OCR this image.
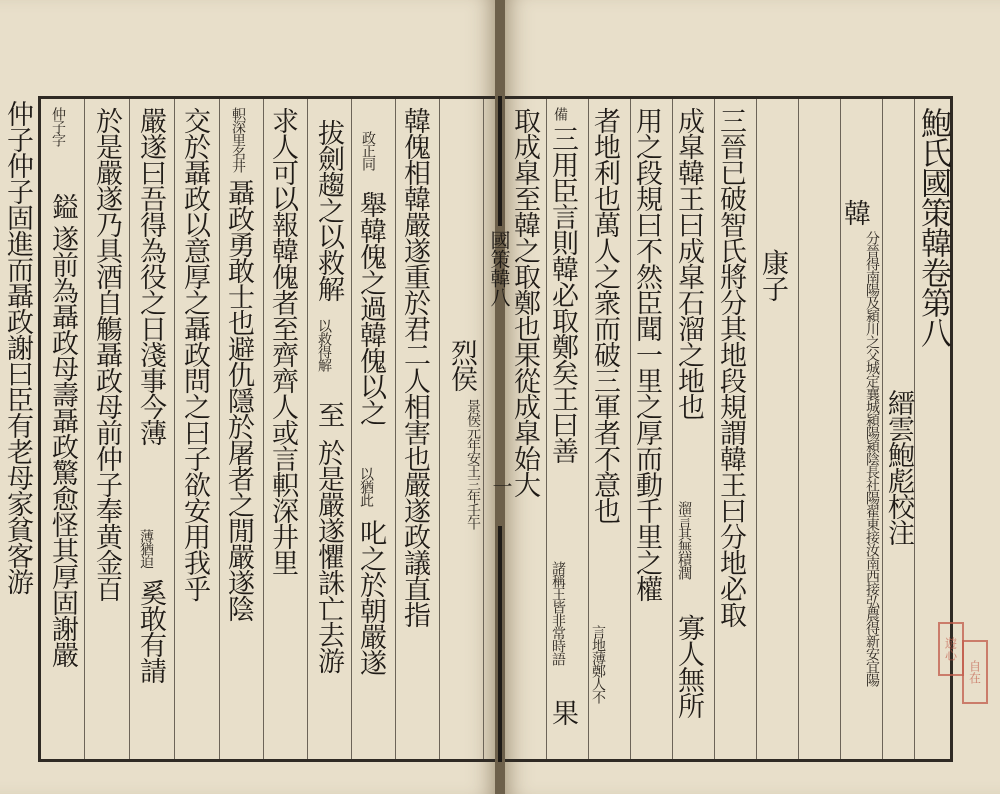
鮑氏國策韓卷第八
縉雲鮑彪校注
韓
分晉得南陽及潁川之父城定襄城潁陽潁陰長社陽翟東接汝南西接弘農得新安宜陽
康子
三晉已破智氏將分其地段規謂韓王曰分地必取
成皐韓王曰成皐石溜之地也
溜言其無積潤
寡人無所
用之段規曰不然臣聞一里之厚而動千里之權
者地利也萬人之衆而破三軍者不意也
言地薄鄭人不
備
三用臣言則韓必取鄭矣王曰善
諸稱王皆非常時語
果
取成皐至韓之取鄭也果從成皐始大
烈侯
景侯元年安王三年壬午
韓傀相韓嚴遂重於君二人相害也嚴遂政議直指
政正同
舉韓傀之過韓傀以之
以猶此
叱之於朝嚴遂
拔劍趨之以救解
以救得解
至
於是嚴遂懼誅亡去游
求人可以報韓傀者至齊齊人或言軹深井里
軹深里名井
聶政勇敢士也避仇隱於屠者之閒嚴遂陰
交於聶政以意厚之聶政問之曰子欲安用我乎
嚴遂曰吾得為役之日淺事今薄
薄猶迫
奚敢有請
於是嚴遂乃具酒自觴聶政母前仲子奉黄金百
鎰
仲子字
遂前為聶政母壽聶政驚愈怪其厚固謝嚴
仲子仲子固進而聶政謝曰臣有老母家貧客游	國策韓八
一
遊心
自在
